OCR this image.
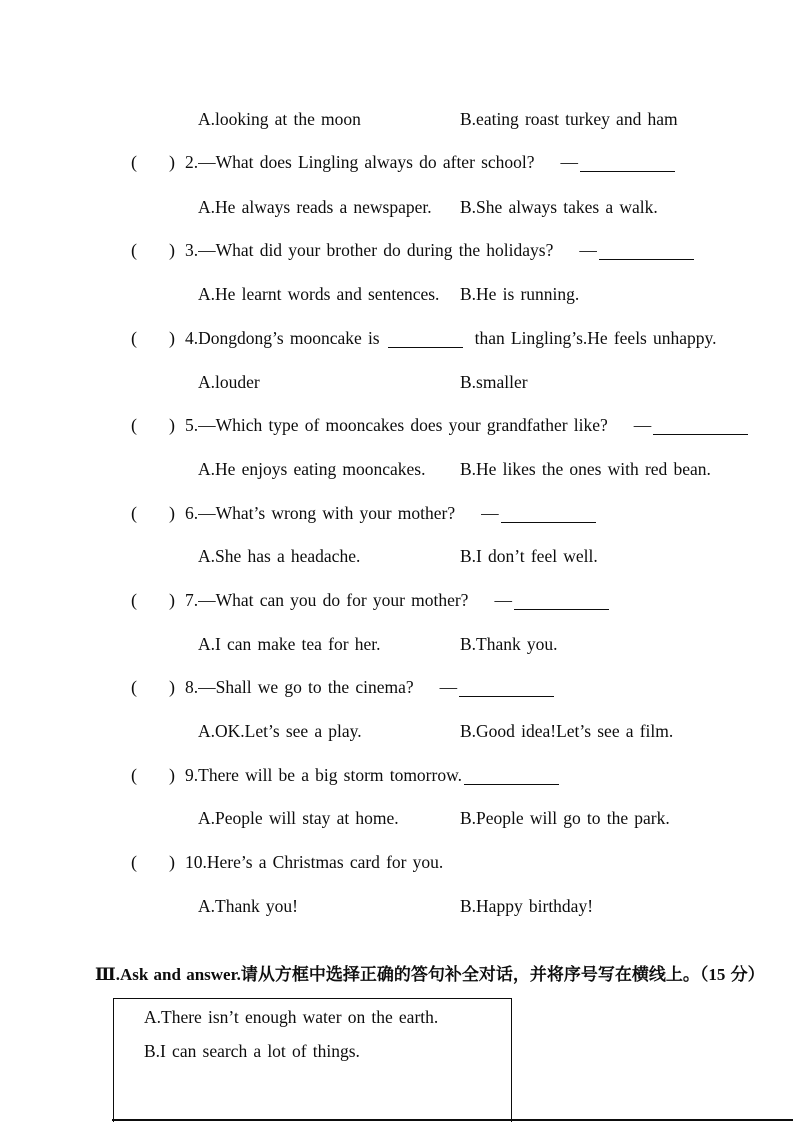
A.looking at the moon	B.eating roast turkey and ham
( ) 2.—What does Lingling always do after school? —
A.He always reads a newspaper. B.She always takes a walk.
( ) 3.—What did your brother do during the holidays? —
A.He learnt words and sentences. B.He is running.
( ) 4.Dongdong’s mooncake is	than Lingling’s.He feels unhappy.
A.louder	B.smaller
( ) 5.—Which type of mooncakes does your grandfather like? —
A.He enjoys eating mooncakes. B.He likes the ones with red bean.
( ) 6.—What’s wrong with your mother? —
A.She has a headache.	B.I don’t feel well.
( ) 7.—What can you do for your mother? —
A.I can make tea for her.	B.Thank you.
( ) 8.—Shall we go to the cinema? —
A.OK.Let’s see a play.	B.Good idea!Let’s see a film.
( ) 9.There will be a big storm tomorrow.
A.People will stay at home.	B.People will go to the park.
( ) 10.Here’s a Christmas card for you.
A.Thank you!	B.Happy birthday!
Ⅲ.Ask and answer.请从方框中选择正确的答句补全对话，并将序号写在横线上。（15 分）
A.There isn’t enough water on the earth.
B.I can search a lot of things.
